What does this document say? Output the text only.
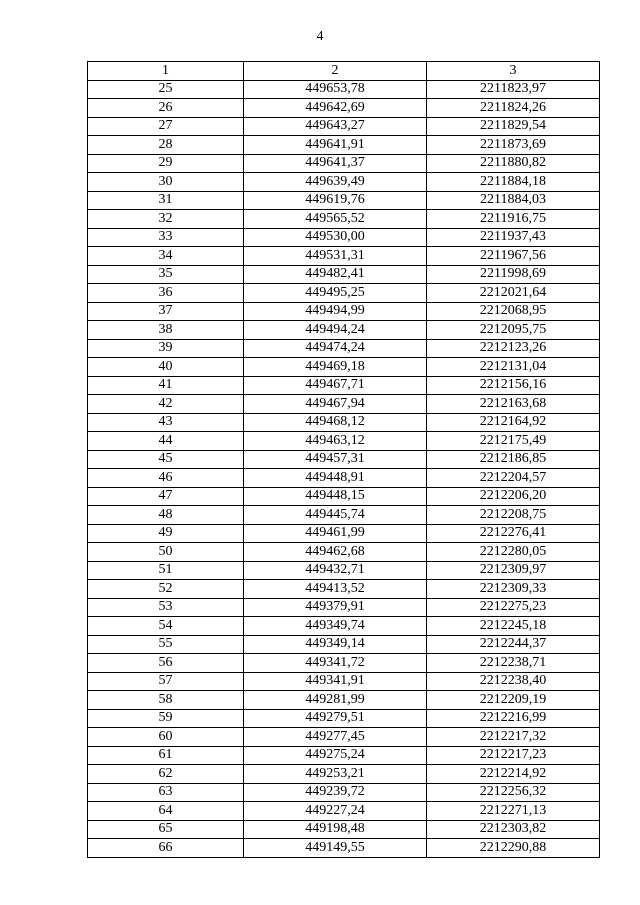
4
1	2	3
25	449653,78	2211823,97
26	449642,69	2211824,26
27	449643,27	2211829,54
28	449641,91	2211873,69
29	449641,37	2211880,82
30	449639,49	2211884,18
31	449619,76	2211884,03
32	449565,52	2211916,75
33	449530,00	2211937,43
34	449531,31	2211967,56
35	449482,41	2211998,69
36	449495,25	2212021,64
37	449494,99	2212068,95
38	449494,24	2212095,75
39	449474,24	2212123,26
40	449469,18	2212131,04
41	449467,71	2212156,16
42	449467,94	2212163,68
43	449468,12	2212164,92
44	449463,12	2212175,49
45	449457,31	2212186,85
46	449448,91	2212204,57
47	449448,15	2212206,20
48	449445,74	2212208,75
49	449461,99	2212276,41
50	449462,68	2212280,05
51	449432,71	2212309,97
52	449413,52	2212309,33
53	449379,91	2212275,23
54	449349,74	2212245,18
55	449349,14	2212244,37
56	449341,72	2212238,71
57	449341,91	2212238,40
58	449281,99	2212209,19
59	449279,51	2212216,99
60	449277,45	2212217,32
61	449275,24	2212217,23
62	449253,21	2212214,92
63	449239,72	2212256,32
64	449227,24	2212271,13
65	449198,48	2212303,82
66	449149,55	2212290,88
